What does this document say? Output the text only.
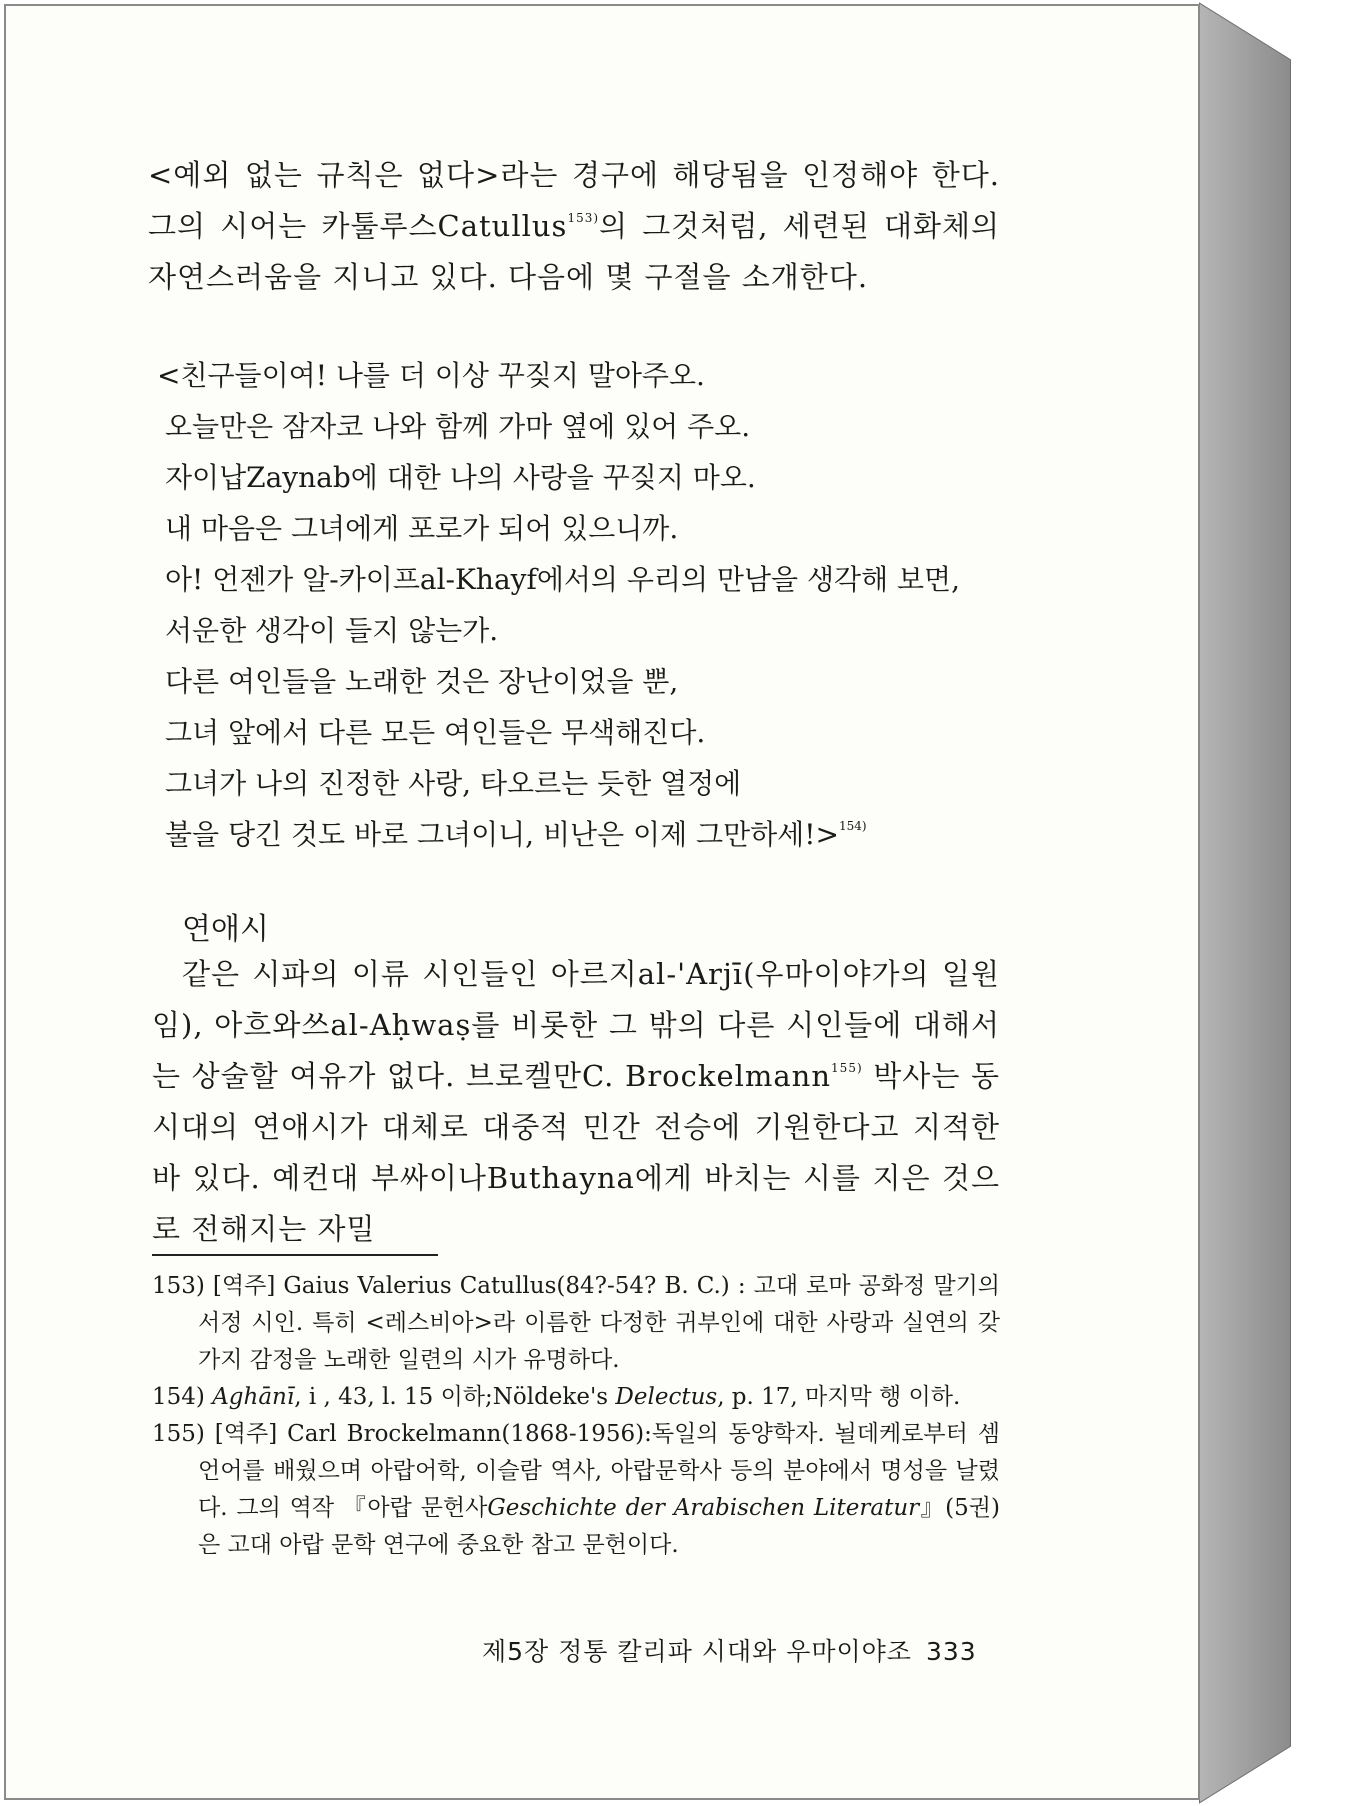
<예외 없는 규칙은 없다>라는 경구에 해당됨을 인정해야 한다. 그의 시어는 카툴루스Catullus$^{153)}$의 그것처럼, 세련된 대화체의 자연스러움을 지니고 있다. 다음에 몇 구절을 소개한다.

<친구들이여! 나를 더 이상 꾸짖지 말아주오.

오늘만은 잠자코 나와 함께 가마 옆에 있어 주오.

자이납Zaynab에 대한 나의 사랑을 꾸짖지 마오.

내 마음은 그녀에게 포로가 되어 있으니까.

아! 언젠가 알-카이프al-Khayf에서의 우리의 만남을 생각해 보면,

서운한 생각이 들지 않는가.

다른 여인들을 노래한 것은 장난이었을 뿐,

그녀 앞에서 다른 모든 여인들은 무색해진다.

그녀가 나의 진정한 사랑, 타오르는 듯한 열정에

불을 당긴 것도 바로 그녀이니, 비난은 이제 그만하세!>$^{154)}$

연애시

같은 시파의 이류 시인들인 아르지al-'Arjī(우마이야가의 일원임), 아흐와쓰al-Aḥwaṣ를 비롯한 그 밖의 다른 시인들에 대해서는 상술할 여유가 없다. 브로켈만C. Brockelmann$^{155)}$ 박사는 동시대의 연애시가 대체로 대중적 민간 전승에 기원한다고 지적한 바 있다. 예컨대 부싸이나Buthayna에게 바치는 시를 지은 것으로 전해지는 자밀

153) [역주] Gaius Valerius Catullus(84?-54? B. C.) : 고대 로마 공화정 말기의 서정 시인. 특히 <레스비아>라 이름한 다정한 귀부인에 대한 사랑과 실연의 갖가지 감정을 노래한 일련의 시가 유명하다.

154) Aghānī, i , 43, l. 15 이하;Nöldeke's Delectus, p. 17, 마지막 행 이하.

155) [역주] Carl Brockelmann(1868-1956):독일의 동양학자. 뇔데케로부터 셈언어를 배웠으며 아랍어학, 이슬람 역사, 아랍문학사 등의 분야에서 명성을 날렸다. 그의 역작 『아랍 문헌사Geschichte der Arabischen Literatur』(5권)은 고대 아랍 문학 연구에 중요한 참고 문헌이다.

제5장 정통 칼리파 시대와 우마이야조 333
